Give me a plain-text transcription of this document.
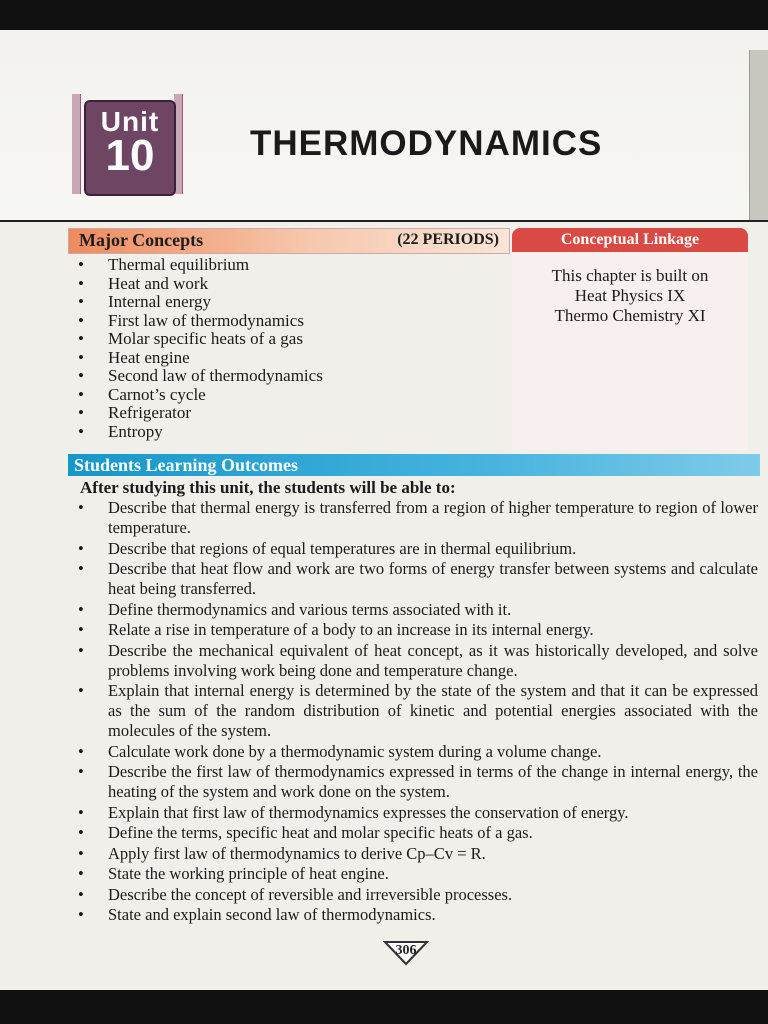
Unit
10	THERMODYNAMICS
Major Concepts	(22 PERIODS)	Conceptual Linkage
• Thermal equilibrium
• Heat and work
• Internal energy
• First law of thermodynamics
• Molar specific heats of a gas
• Heat engine
• Second law of thermodynamics
• Carnot’s cycle
• Refrigerator
• Entropy
This chapter is built on
Heat Physics IX
Thermo Chemistry XI
Students Learning Outcomes
After studying this unit, the students will be able to:
• Describe that thermal energy is transferred from a region of higher temperature to region of lower temperature.
• Describe that regions of equal temperatures are in thermal equilibrium.
• Describe that heat flow and work are two forms of energy transfer between systems and calculate heat being transferred.
• Define thermodynamics and various terms associated with it.
• Relate a rise in temperature of a body to an increase in its internal energy.
• Describe the mechanical equivalent of heat concept, as it was historically developed, and solve problems involving work being done and temperature change.
• Explain that internal energy is determined by the state of the system and that it can be expressed as the sum of the random distribution of kinetic and potential energies associated with the molecules of the system.
• Calculate work done by a thermodynamic system during a volume change.
• Describe the first law of thermodynamics expressed in terms of the change in internal energy, the heating of the system and work done on the system.
• Explain that first law of thermodynamics expresses the conservation of energy.
• Define the terms, specific heat and molar specific heats of a gas.
• Apply first law of thermodynamics to derive Cp–Cv = R.
• State the working principle of heat engine.
• Describe the concept of reversible and irreversible processes.
• State and explain second law of thermodynamics.
306
